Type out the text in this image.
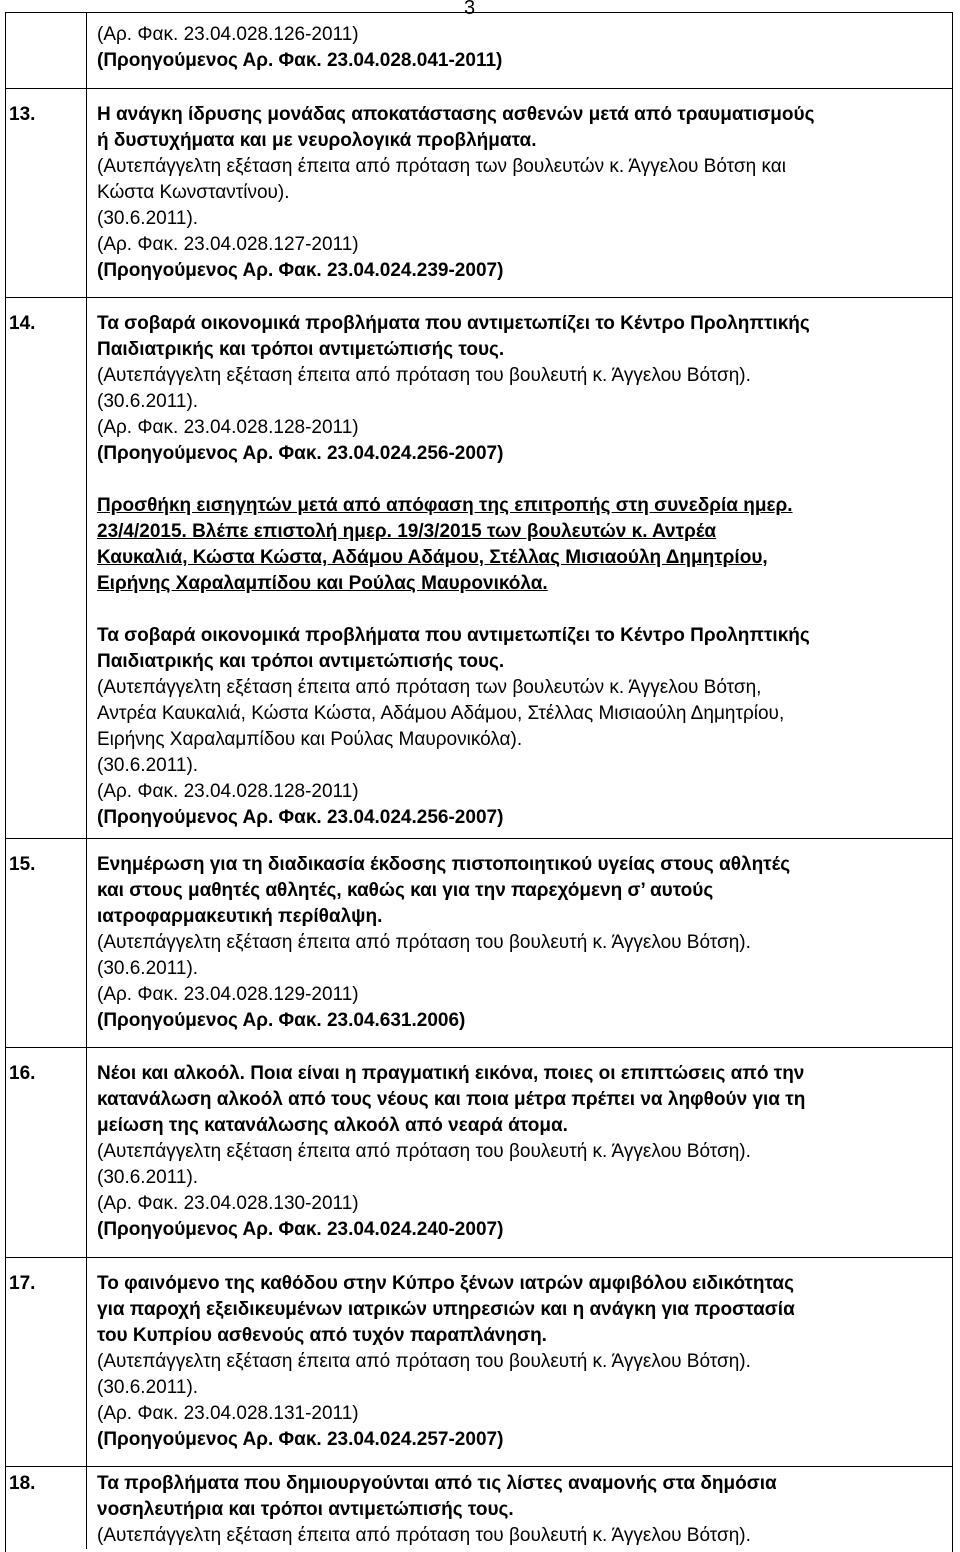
3
(Αρ. Φακ. 23.04.028.126-2011)
(Προηγούμενος Αρ. Φακ. 23.04.028.041-2011)
13.	Η ανάγκη ίδρυσης μονάδας αποκατάστασης ασθενών μετά από τραυματισμούς
ή δυστυχήματα και με νευρολογικά προβλήματα.
(Αυτεπάγγελτη εξέταση έπειτα από πρόταση των βουλευτών κ. Άγγελου Βότση και
Κώστα Κωνσταντίνου).
(30.6.2011).
(Αρ. Φακ. 23.04.028.127-2011)
(Προηγούμενος Αρ. Φακ. 23.04.024.239-2007)
14.	Τα σοβαρά οικονομικά προβλήματα που αντιμετωπίζει το Κέντρο Προληπτικής
Παιδιατρικής και τρόποι αντιμετώπισής τους.
(Αυτεπάγγελτη εξέταση έπειτα από πρόταση του βουλευτή κ. Άγγελου Βότση).
(30.6.2011).
(Αρ. Φακ. 23.04.028.128-2011)
(Προηγούμενος Αρ. Φακ. 23.04.024.256-2007)
Προσθήκη εισηγητών μετά από απόφαση της επιτροπής στη συνεδρία ημερ.
23/4/2015. Βλέπε επιστολή ημερ. 19/3/2015 των βουλευτών κ. Αντρέα
Καυκαλιά, Κώστα Κώστα, Αδάμου Αδάμου, Στέλλας Μισιαούλη Δημητρίου,
Ειρήνης Χαραλαμπίδου και Ρούλας Μαυρονικόλα.
Τα σοβαρά οικονομικά προβλήματα που αντιμετωπίζει το Κέντρο Προληπτικής
Παιδιατρικής και τρόποι αντιμετώπισής τους.
(Αυτεπάγγελτη εξέταση έπειτα από πρόταση των βουλευτών κ. Άγγελου Βότση,
Αντρέα Καυκαλιά, Κώστα Κώστα, Αδάμου Αδάμου, Στέλλας Μισιαούλη Δημητρίου,
Ειρήνης Χαραλαμπίδου και Ρούλας Μαυρονικόλα).
(30.6.2011).
(Αρ. Φακ. 23.04.028.128-2011)
(Προηγούμενος Αρ. Φακ. 23.04.024.256-2007)
15.	Ενημέρωση για τη διαδικασία έκδοσης πιστοποιητικού υγείας στους αθλητές
και στους μαθητές αθλητές, καθώς και για την παρεχόμενη σ’ αυτούς
ιατροφαρμακευτική περίθαλψη.
(Αυτεπάγγελτη εξέταση έπειτα από πρόταση του βουλευτή κ. Άγγελου Βότση).
(30.6.2011).
(Αρ. Φακ. 23.04.028.129-2011)
(Προηγούμενος Αρ. Φακ. 23.04.631.2006)
16.	Νέοι και αλκοόλ. Ποια είναι η πραγματική εικόνα, ποιες οι επιπτώσεις από την
κατανάλωση αλκοόλ από τους νέους και ποια μέτρα πρέπει να ληφθούν για τη
μείωση της κατανάλωσης αλκοόλ από νεαρά άτομα.
(Αυτεπάγγελτη εξέταση έπειτα από πρόταση του βουλευτή κ. Άγγελου Βότση).
(30.6.2011).
(Αρ. Φακ. 23.04.028.130-2011)
(Προηγούμενος Αρ. Φακ. 23.04.024.240-2007)
17.	Το φαινόμενο της καθόδου στην Κύπρο ξένων ιατρών αμφιβόλου ειδικότητας
για παροχή εξειδικευμένων ιατρικών υπηρεσιών και η ανάγκη για προστασία
του Κυπρίου ασθενούς από τυχόν παραπλάνηση.
(Αυτεπάγγελτη εξέταση έπειτα από πρόταση του βουλευτή κ. Άγγελου Βότση).
(30.6.2011).
(Αρ. Φακ. 23.04.028.131-2011)
(Προηγούμενος Αρ. Φακ. 23.04.024.257-2007)
18.	Τα προβλήματα που δημιουργούνται από τις λίστες αναμονής στα δημόσια
νοσηλευτήρια και τρόποι αντιμετώπισής τους.
(Αυτεπάγγελτη εξέταση έπειτα από πρόταση του βουλευτή κ. Άγγελου Βότση).
